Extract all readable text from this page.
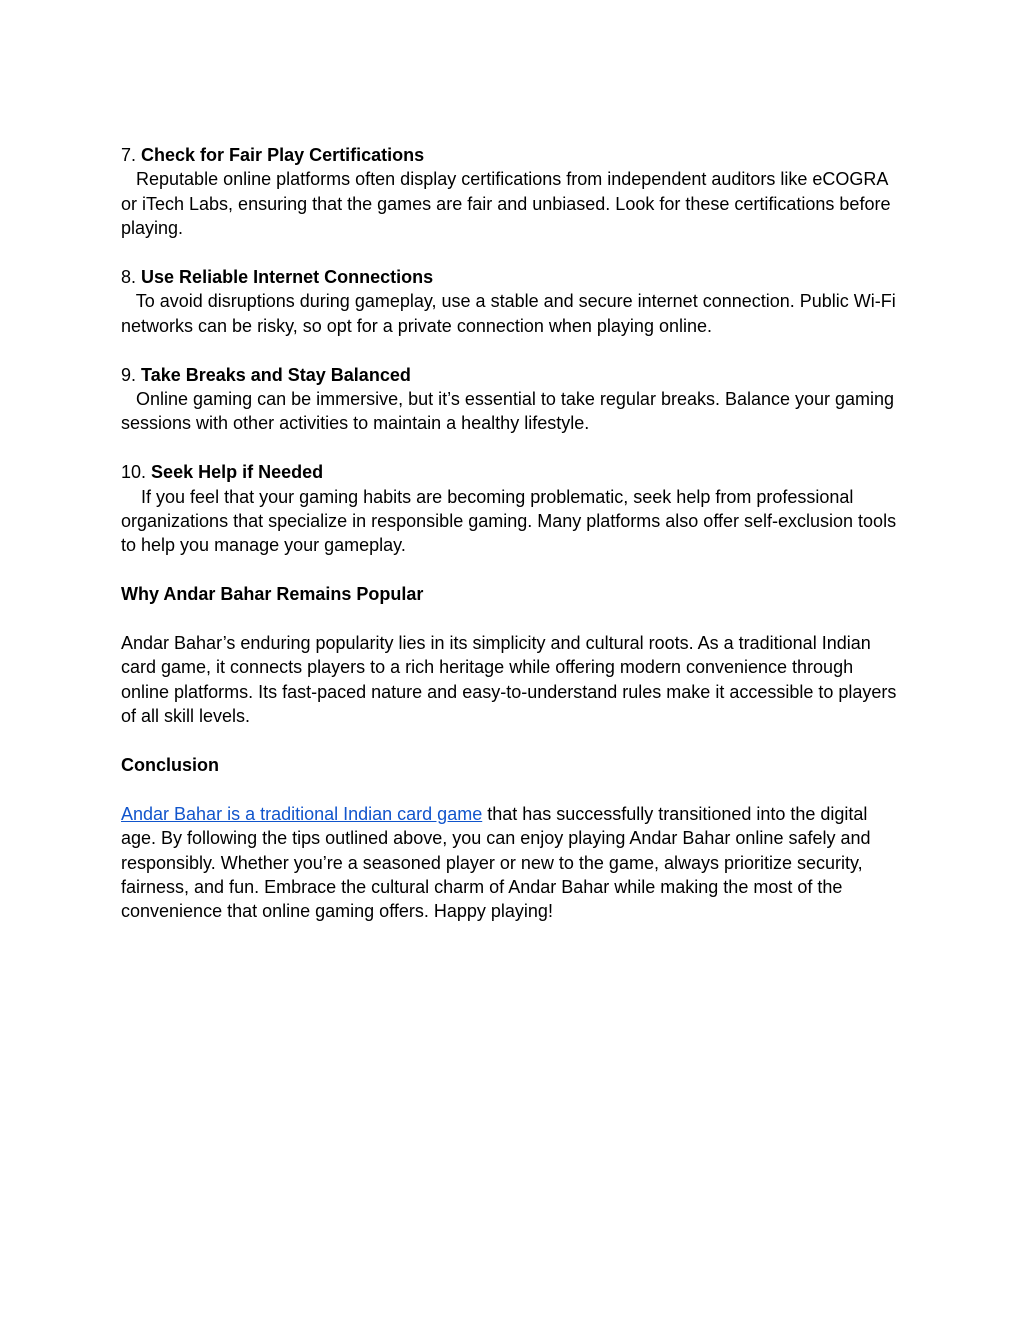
7. Check for Fair Play Certifications
Reputable online platforms often display certifications from independent auditors like eCOGRA or iTech Labs, ensuring that the games are fair and unbiased. Look for these certifications before playing.
8. Use Reliable Internet Connections
To avoid disruptions during gameplay, use a stable and secure internet connection. Public Wi-Fi networks can be risky, so opt for a private connection when playing online.
9. Take Breaks and Stay Balanced
Online gaming can be immersive, but it’s essential to take regular breaks. Balance your gaming sessions with other activities to maintain a healthy lifestyle.
10. Seek Help if Needed
If you feel that your gaming habits are becoming problematic, seek help from professional organizations that specialize in responsible gaming. Many platforms also offer self-exclusion tools to help you manage your gameplay.
Why Andar Bahar Remains Popular
Andar Bahar’s enduring popularity lies in its simplicity and cultural roots. As a traditional Indian card game, it connects players to a rich heritage while offering modern convenience through online platforms. Its fast-paced nature and easy-to-understand rules make it accessible to players of all skill levels.
Conclusion
Andar Bahar is a traditional Indian card game that has successfully transitioned into the digital age. By following the tips outlined above, you can enjoy playing Andar Bahar online safely and responsibly. Whether you’re a seasoned player or new to the game, always prioritize security, fairness, and fun. Embrace the cultural charm of Andar Bahar while making the most of the convenience that online gaming offers. Happy playing!
